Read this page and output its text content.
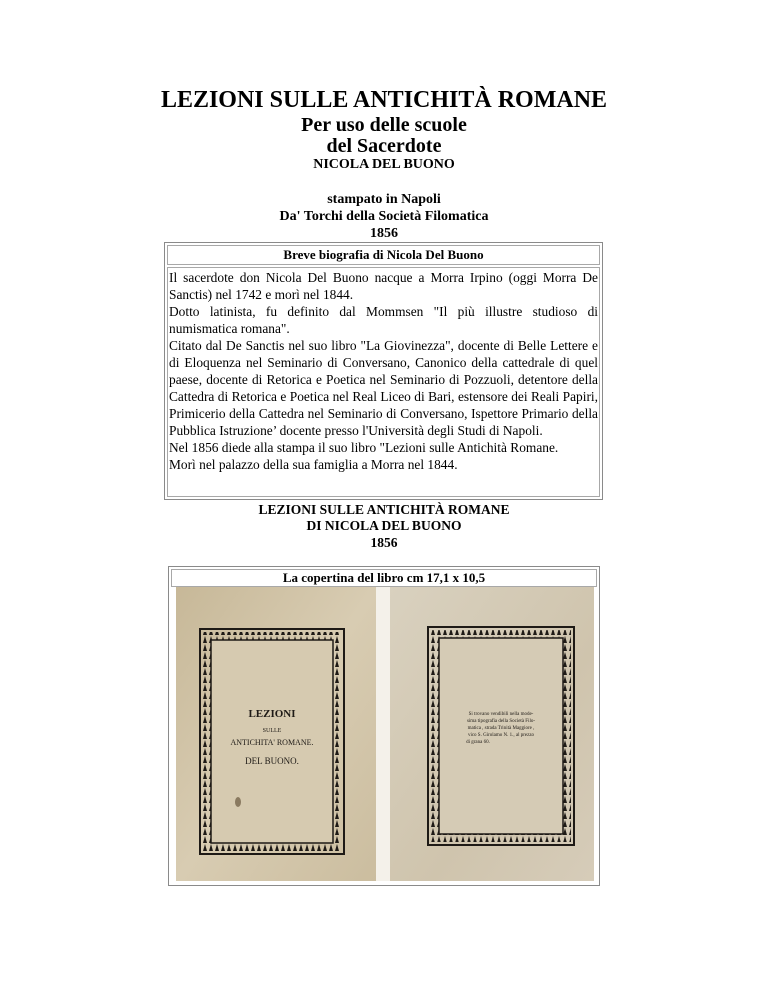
LEZIONI SULLE ANTICHITÀ ROMANE
Per uso delle scuole
del Sacerdote
NICOLA DEL BUONO
stampato in Napoli
Da' Torchi della Società Filomatica
1856
Breve biografia di Nicola Del Buono

Il sacerdote don Nicola Del Buono nacque a Morra Irpino (oggi Morra De Sanctis) nel 1742 e morì nel 1844.

Dotto latinista, fu definito dal Mommsen "Il più illustre studioso di numismatica romana".

Citato dal De Sanctis nel suo libro "La Giovinezza", docente di Belle Lettere e di Eloquenza nel Seminario di Conversano, Canonico della cattedrale di quel paese, docente di Retorica e Poetica nel Seminario di Pozzuoli, detentore della Cattedra di Retorica e Poetica nel Real Liceo di Bari, estensore dei Reali Papiri, Primicerio della Cattedra nel Seminario di Conversano, Ispettore Primario della Pubblica Istruzione’ docente presso l'Università degli Studi di Napoli.

Nel 1856 diede alla stampa il suo libro "Lezioni sulle Antichità Romane.

Morì nel palazzo della sua famiglia a Morra nel 1844.

LEZIONI SULLE ANTICHITÀ ROMANE
DI NICOLA DEL BUONO
1856
La copertina del libro cm 17,1 x 10,5
LEZIONI
SULLE
ANTICHITA' ROMANE.
DEL BUONO.
Si trovano vendibili nella mode-
sima tipografia della Società Filo-
matica , strada Trinità Maggiore ,
vico S. Girolamo N. 1., al prezzo
di grana 60.
